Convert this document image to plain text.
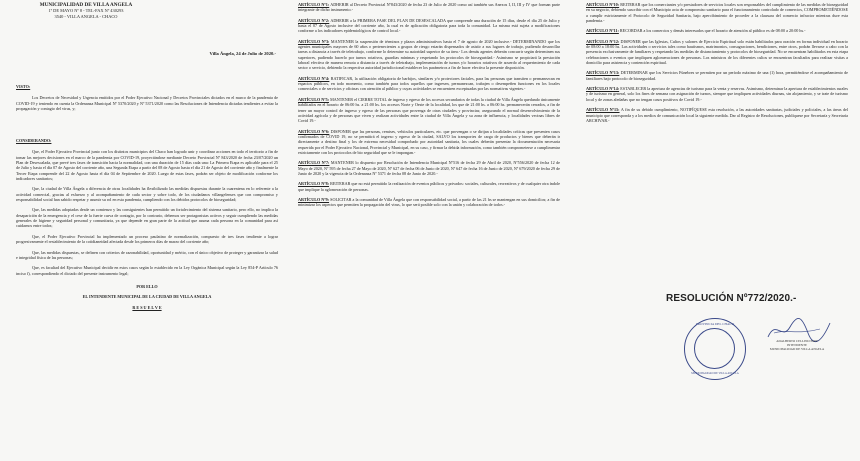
MUNICIPALIDAD DE VILLA ANGELA
1º DE MAYO Nº 8 - TEL-FAX Nº 430293
3540 - VILLA ANGELA - CHACO
Villa Ángela, 24 de Julio de 2020.-
VISTO:
Los Decretos de Necesidad y Urgencia emitidos por el Poder Ejecutivo Nacional y Decretos Provinciales dictados en el marco de la pandemia de COVID-19 y teniendo en cuenta la Ordenanza Municipal Nº 5370/2020 y Nº 5371/2020 como las Resoluciones de Intendencia dictadas tendientes a evitar la propagación y contagio del virus, y;
CONSIDERANDO:
Que, el Poder Ejecutivo Provincial junto con los distintos municipios del Chaco han logrado unir y coordinar acciones en todo el territorio a fin de tomar las mejores decisiones en el marco de la pandemia por COVID-19, proyectándose mediante Decreto Provincial Nº 843/2020 de fecha 23/07/2020 un Plan de Desescalada, que prevé tres fases de transición hacia la normalidad, con una duración de 15 días cada una: La Primera Etapa es aplicable para el 25 de Julio y hasta el día 07 de Agosto del corriente año, una Segunda Etapa a partir del 08 de Agosto hasta el día 21 de Agosto del corriente año y finalmente la Tercer Etapa comprende del 22 de Agosto hasta el día 04 de Septiembre de 2020. Luego de estas fases, podrán ser objeto de modificación conforme los indicadores sanitarios;
Que, la ciudad de Villa Ángela a diferencia de otras localidades ha flexibilizado las medidas dispuestas durante la cuarentena en lo referente a la actividad comercial, gracias al esfuerzo y al acompañamiento de cada sector y sobre todo, de los ciudadanos villangelenses que con compromiso y responsabilidad social han sabido respetar y asumir su rol en esta pandemia, cumpliendo con los debidos protocolos de bioseguridad;
Que, las medidas adoptadas desde un comienzo y las consiguientes han permitido un fortalecimiento del sistema sanitario, pero ello, no implica la desaparición de la emergencia y el cese de la fuerte curva de contagio, por lo contrario, debemos ser protagonistas activos y seguir cumpliendo las medidas generales de higiene y seguridad personal y comunitaria, ya que depende en gran parte de la actitud que asuma cada persona en la comunidad para así cuidarnos entre todos;
Que, el Poder Ejecutivo Provincial ha implementado un proceso paulatino de normalización, compuesto de tres fases tendiente a lograr progresivamente el restablecimiento de la cotidianeidad afectada desde los primeros días de marzo del corriente año;
Que, las medidas dispuestas, se definen con criterios de razonabilidad, oportunidad y mérito, con el único objetivo de proteger y garantizar la salud e integridad física de las personas;
Que, es facultad del Ejecutivo Municipal decidir en estos casos según lo establecido en la Ley Orgánica Municipal según la Ley 854-P Artículo 76 inciso f), correspondiendo el dictado del presente instrumento legal;
POR ELLO
EL INTENDENTE MUNICIPAL DE LA CIUDAD DE VILLA ANGELA
R E S U E L V E
ARTÍCULO Nº1: ADHERIR al Decreto Provincial Nº843/2020 de fecha 23 de Julio de 2020 como así también sus Anexos I, II, III y IV que forman parte integrante de dicho instrumento.-
ARTÍCULO Nº2: ADHERIR a la PRIMERA FASE DEL PLAN DE DESESCALADA que comprende una duración de 15 días, desde el día 25 de Julio y hasta el 07 de Agosto inclusive del corriente año, la cual es de aplicación obligatoria para toda la comunidad. La misma está sujeta a modificaciones conforme a los indicadores epidemiológicos de control local.-
ARTÍCULO Nº3: MANTENER la suspensión de términos y plazos administrativos hasta el 7 de agosto de 2020 inclusive.- DETERMINANDO que los agentes municipales mayores de 60 años o pertenecientes a grupos de riesgo estarán dispensados de asistir a sus lugares de trabajo, pudiendo desarrollar tareas a distancia a través de teletrabajo, conforme lo determine su autoridad superior de su área.- Los demás agentes deberán concurrir según determinen sus superiores, pudiendo hacerlo por turnos rotativos, guardias mínimas y respetando los protocolos de bioseguridad.- Asimismo se propiciará la prestación laboral efectiva de manera remota a distancia a través de teletrabajo, implementación de turnos y/o horarios rotativos de acuerdo al requerimiento de cada sector o servicio, debiendo la respectiva autoridad jurisdiccional establecer los parámetros a fin de hacer efectiva la presente disposición.
ARTÍCULO Nº4: RATIFICAR, la utilización obligatoria de barbijos, similares y/o protectores faciales, para las personas que transiten o permanezcan en espacios públicos, en todo momento, como también para todos aquellos que ingresen, permanezcan, trabajen o desempeñen funciones en los locales comerciales o de servicios y oficinas con atención al público y cuyas actividades se encuentren exceptuadas por las normativas vigentes.-
ARTÍCULO Nº5: MANTENER el CIERRE TOTAL de ingreso y egreso de los accesos secundarios de todas la ciudad de Villa Ángela quedando únicamente habilitados en el horario de 06:00 hs. a 21:00 hs. los accesos Norte y Oeste de la localidad, los que de 21:00 hs. a 06:00 hs. permanecerán cerrados, a fin de tener un mayor control de ingreso y egreso de las personas que provenga de otras ciudades y provincias; asegurando el normal desenvolvimiento de la actividad agrícola y de personas que viven y realizan actividades entre la ciudad de Villa Ángela y su zona de influencia, y localidades vecinas libres de Covid 19.-
ARTÍCULO Nº6: DISPONER que las personas, remises, vehículos particulares, etc. que provengan o se dirijan a localidades críticas que presenten casos confirmados de COVID 19, no se permitirá el ingreso y egreso de la ciudad, SALVO los transportes de carga de productos y bienes que deberán ir directamente a destino final y los de extrema necesidad comprobado por autoridad sanitaria, los cuales deberán presentar la documentación necesaria requerida por el Poder Ejecutivo Nacional, Provincial y Municipal, en su caso, y firmar la debida información, como también comprometerse a cumplimentar estrictamente con los protocolos de bio seguridad que se le impongan.-
ARTÍCULO Nº7: MANTENER lo dispuesto por Resolución de Intendencia Municipal Nº516 de fecha 29 de Abril de 2020, Nº556/2020 de fecha 12 de Mayo de 2020, Nº 595 de fecha 27 de Mayo de 2020, Nº 627 de fecha 06 de Junio de 2020, Nº 647 de fecha 16 de Junio de 2020, Nº 679/2020 de fecha 29 de Junio de 2020 y la vigencia de la Ordenanza Nº 5371 de fecha 08 de Junio de 2020.-
ARTÍCULO Nº8: REITERAR que no está permitido la realización de eventos públicos y privados: sociales, culturales, recreativos y de cualquier otra índole que implique la aglomeración de personas.
ARTÍCULO Nº9: SOLICITAR a la comunidad de Villa Ángela que con responsabilidad social, a partir de las 21 hs se mantengan en sus domicilios; a fin de minimizar los aspectos que permiten la propagación del virus, lo que será posible solo con la unión y colaboración de todos.-
ARTÍCULO Nº10: REITERAR que los comerciantes y/o prestadores de servicios locales son responsables del cumplimiento de las medidas de bioseguridad en su negocio, debiendo suscribir con el Municipio acta de compromiso sanitario para el funcionamiento controlado de comercios, COMPROMETIÉNDOSE a cumplir estrictamente el Protocolo de Seguridad Sanitaria, bajo apercibimiento de proceder a la clausura del comercio infractor mientras dure esta pandemia.-
ARTÍCULO Nº11: RECORDAR a los comercios y demás interesados que el horario de atención al público es de 08:00 a 20:00 hs.-
ARTÍCULO Nº12: DISPONER que las Iglesias, Cultos y salones de Ejercicio Espiritual solo están habilitados para oración en forma individual en horario de 08:00 a 18:00 hs. Las actividades o servicios tales como bautismos, matrimonios, consagraciones, bendiciones, entre otros, podrán llevarse a cabo con la presencia exclusivamente de familiares y respetando las medidas de distanciamiento y protocolos de bioseguridad. No se encuentran habilitados en esta etapa celebraciones o eventos que impliquen aglomeraciones de personas. Los ministros de los diferentes cultos se encuentran facultados para realizar visitas a domicilio para asistencia y contención espiritual.
ARTÍCULO Nº13: DETERMINAR que los Servicios Fúnebres se permiten por un período máximo de una (1) hora, permitiéndose el acompañamiento de familiares bajo protocolo de bioseguridad.
ARTÍCULO Nº14: ESTABLECER la apertura de agencias de turismo para la venta y reservas. Asimismo, determinar la apertura de establecimientos rurales y de turismo en general, solo los fines de semana con asignación de turnos, siempre que impliquen actividades diurnas, sin alojamiento, y se trate de turismo local y de zonas aledañas que no tengan casos positivos de Covid 19.-
ARTÍCULO Nº15: A fin de su debido cumplimiento, NOTIFÍQUESE esta resolución, a las autoridades sanitarias, judiciales y policiales, a las áreas del municipio que corresponda y a los medios de comunicación local la siguiente medida. Dar al Registro de Resoluciones, publíquese por Secretaría y Secretaría ARCHIVAR.-
RESOLUCIÓN Nº772/2020.-
PROVINCIA DEL CHACO
MUNICIPALIDAD DE VILLA ANGELA
ADALBERTO CELLINO PAPP
INTENDENTE
MUNICIPALIDAD DE VILLA ANGELA
